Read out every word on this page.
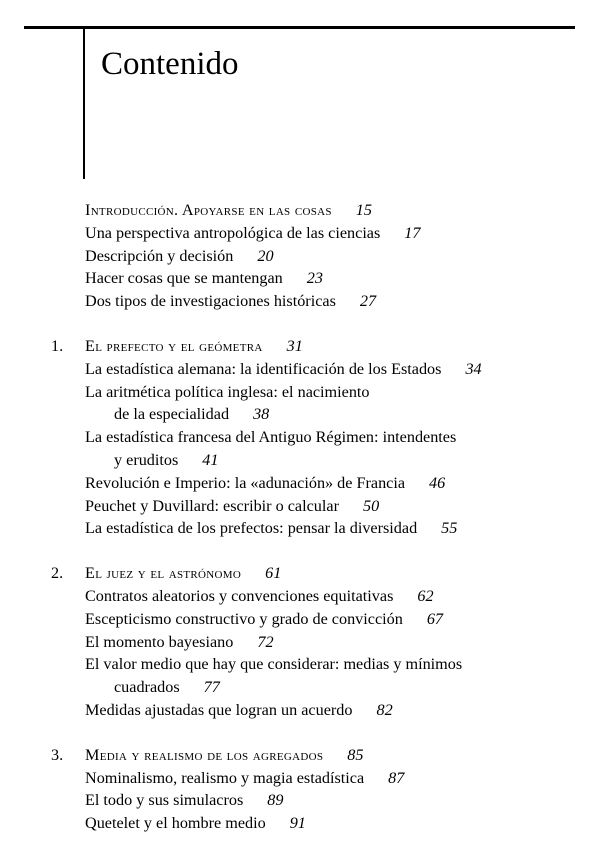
Contenido
Introducción. Apoyarse en las cosas 15
Una perspectiva antropológica de las ciencias 17
Descripción y decisión 20
Hacer cosas que se mantengan 23
Dos tipos de investigaciones históricas 27
1. El prefecto y el geómetra 31
La estadística alemana: la identificación de los Estados 34
La aritmética política inglesa: el nacimiento
de la especialidad 38
La estadística francesa del Antiguo Régimen: intendentes
y eruditos 41
Revolución e Imperio: la «adunación» de Francia 46
Peuchet y Duvillard: escribir o calcular 50
La estadística de los prefectos: pensar la diversidad 55
2. El juez y el astrónomo 61
Contratos aleatorios y convenciones equitativas 62
Escepticismo constructivo y grado de convicción 67
El momento bayesiano 72
El valor medio que hay que considerar: medias y mínimos
cuadrados 77
Medidas ajustadas que logran un acuerdo 82
3. Media y realismo de los agregados 85
Nominalismo, realismo y magia estadística 87
El todo y sus simulacros 89
Quetelet y el hombre medio 91
